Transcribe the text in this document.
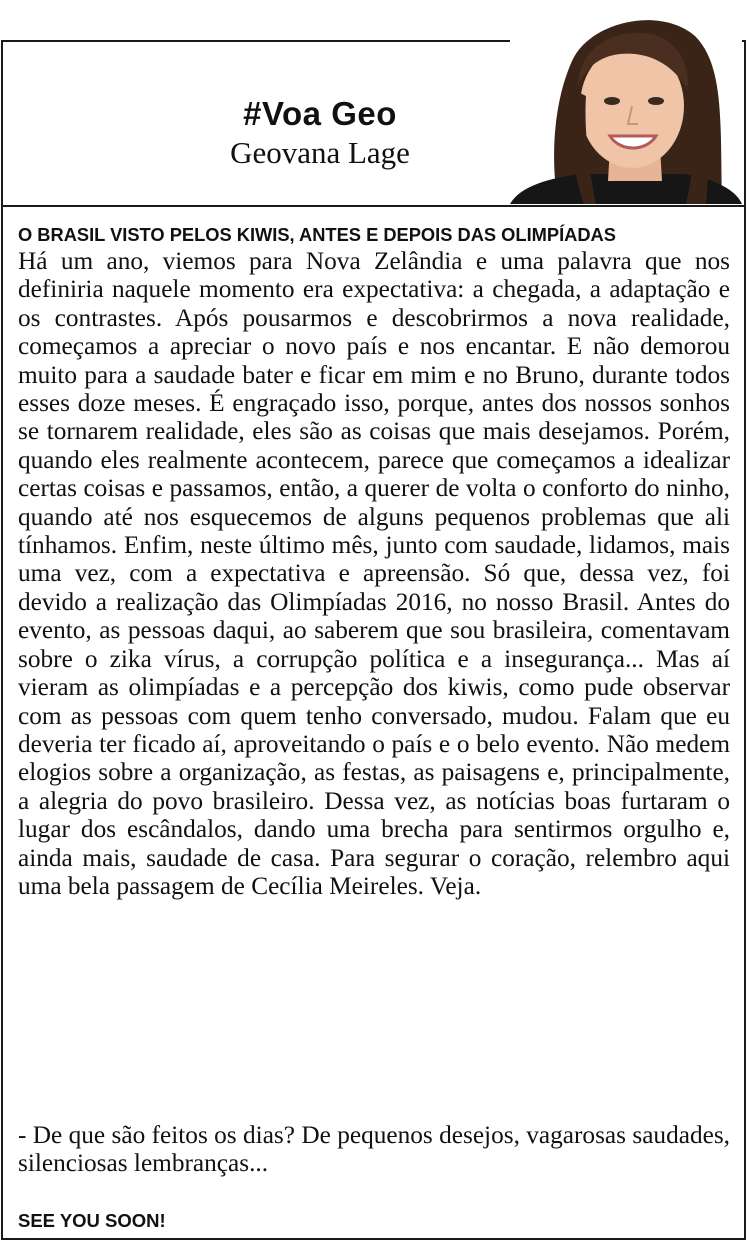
#Voa Geo
Geovana Lage
O BRASIL VISTO PELOS KIWIS, ANTES E DEPOIS DAS OLIMPÍADAS

Há um ano, viemos para Nova Zelândia e uma palavra que nos definiria naquele momento era expectativa: a chegada, a adaptação e os contrastes. Após pousarmos e descobrirmos a nova realidade, começamos a apreciar o novo país e nos encantar. E não demorou muito para a saudade bater e ficar em mim e no Bruno, durante todos esses doze meses. É engraçado isso, porque, antes dos nossos sonhos se tornarem realidade, eles são as coisas que mais desejamos. Porém, quando eles realmente acontecem, parece que começamos a idealizar certas coisas e passamos, então, a querer de volta o conforto do ninho, quando até nos esquecemos de alguns pequenos problemas que ali tínhamos. Enfim, neste último mês, junto com saudade, lidamos, mais uma vez, com a expectativa e apreensão. Só que, dessa vez, foi devido a realização das Olimpíadas 2016, no nosso Brasil. Antes do evento, as pessoas daqui, ao saberem que sou brasileira, comentavam sobre o zika vírus, a corrupção política e a insegurança... Mas aí vieram as olimpíadas e a percepção dos kiwis, como pude observar com as pessoas com quem tenho conversado, mudou. Falam que eu deveria ter ficado aí, aproveitando o país e o belo evento. Não medem elogios sobre a organização, as festas, as paisagens e, principalmente, a alegria do povo brasileiro. Dessa vez, as notícias boas furtaram o lugar dos escândalos, dando uma brecha para sentirmos orgulho e, ainda mais, saudade de casa. Para segurar o coração, relembro aqui uma bela passagem de Cecília Meireles. Veja.

- De que são feitos os dias? De pequenos desejos, vagarosas saudades, silenciosas lembranças...

SEE YOU SOON!
